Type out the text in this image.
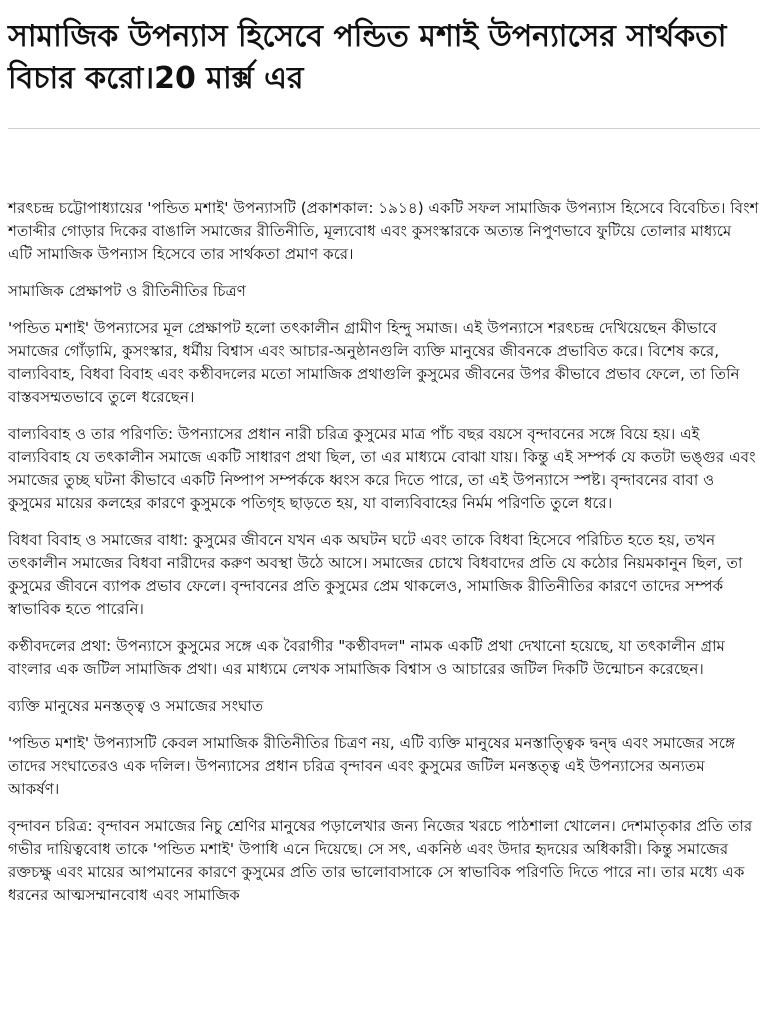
সামাজিক উপন্যাস হিসেবে পন্ডিত মশাই উপন্যাসের সার্থকতা বিচার করো।20 মার্ক্স এর

শরৎচন্দ্র চট্টোপাধ্যায়ের 'পন্ডিত মশাই' উপন্যাসটি (প্রকাশকাল: ১৯১৪) একটি সফল সামাজিক উপন্যাস হিসেবে বিবেচিত। বিংশ শতাব্দীর গোড়ার দিকের বাঙালি সমাজের রীতিনীতি, মূল্যবোধ এবং কুসংস্কারকে অত্যন্ত নিপুণভাবে ফুটিয়ে তোলার মাধ্যমে এটি সামাজিক উপন্যাস হিসেবে তার সার্থকতা প্রমাণ করে।

সামাজিক প্রেক্ষাপট ও রীতিনীতির চিত্রণ

'পন্ডিত মশাই' উপন্যাসের মূল প্রেক্ষাপট হলো তৎকালীন গ্রামীণ হিন্দু সমাজ। এই উপন্যাসে শরৎচন্দ্র দেখিয়েছেন কীভাবে সমাজের গোঁড়ামি, কুসংস্কার, ধর্মীয় বিশ্বাস এবং আচার-অনুষ্ঠানগুলি ব্যক্তি মানুষের জীবনকে প্রভাবিত করে। বিশেষ করে, বাল্যবিবাহ, বিধবা বিবাহ এবং কণ্ঠীবদলের মতো সামাজিক প্রথাগুলি কুসুমের জীবনের উপর কীভাবে প্রভাব ফেলে, তা তিনি বাস্তবসম্মতভাবে তুলে ধরেছেন।

বাল্যবিবাহ ও তার পরিণতি: উপন্যাসের প্রধান নারী চরিত্র কুসুমের মাত্র পাঁচ বছর বয়সে বৃন্দাবনের সঙ্গে বিয়ে হয়। এই বাল্যবিবাহ যে তৎকালীন সমাজে একটি সাধারণ প্রথা ছিল, তা এর মাধ্যমে বোঝা যায়। কিন্তু এই সম্পর্ক যে কতটা ভঙ্গুর এবং সমাজের তুচ্ছ ঘটনা কীভাবে একটি নিষ্পাপ সম্পর্ককে ধ্বংস করে দিতে পারে, তা এই উপন্যাসে স্পষ্ট। বৃন্দাবনের বাবা ও কুসুমের মায়ের কলহের কারণে কুসুমকে পতিগৃহ ছাড়তে হয়, যা বাল্যবিবাহের নির্মম পরিণতি তুলে ধরে।

বিধবা বিবাহ ও সমাজের বাধা: কুসুমের জীবনে যখন এক অঘটন ঘটে এবং তাকে বিধবা হিসেবে পরিচিত হতে হয়, তখন তৎকালীন সমাজের বিধবা নারীদের করুণ অবস্থা উঠে আসে। সমাজের চোখে বিধবাদের প্রতি যে কঠোর নিয়মকানুন ছিল, তা কুসুমের জীবনে ব্যাপক প্রভাব ফেলে। বৃন্দাবনের প্রতি কুসুমের প্রেম থাকলেও, সামাজিক রীতিনীতির কারণে তাদের সম্পর্ক স্বাভাবিক হতে পারেনি।

কণ্ঠীবদলের প্রথা: উপন্যাসে কুসুমের সঙ্গে এক বৈরাগীর "কণ্ঠীবদল" নামক একটি প্রথা দেখানো হয়েছে, যা তৎকালীন গ্রাম বাংলার এক জটিল সামাজিক প্রথা। এর মাধ্যমে লেখক সামাজিক বিশ্বাস ও আচারের জটিল দিকটি উন্মোচন করেছেন।

ব্যক্তি মানুষের মনস্তত্ত্ব ও সমাজের সংঘাত

'পন্ডিত মশাই' উপন্যাসটি কেবল সামাজিক রীতিনীতির চিত্রণ নয়, এটি ব্যক্তি মানুষের মনস্তাত্ত্বিক দ্বন্দ্ব এবং সমাজের সঙ্গে তাদের সংঘাতেরও এক দলিল। উপন্যাসের প্রধান চরিত্র বৃন্দাবন এবং কুসুমের জটিল মনস্তত্ত্ব এই উপন্যাসের অন্যতম আকর্ষণ।

বৃন্দাবন চরিত্র: বৃন্দাবন সমাজের নিচু শ্রেণির মানুষের পড়ালেখার জন্য নিজের খরচে পাঠশালা খোলেন। দেশমাতৃকার প্রতি তার গভীর দায়িত্ববোধ তাকে 'পন্ডিত মশাই' উপাধি এনে দিয়েছে। সে সৎ, একনিষ্ঠ এবং উদার হৃদয়ের অধিকারী। কিন্তু সমাজের রক্তচক্ষু এবং মায়ের আপমানের কারণে কুসুমের প্রতি তার ভালোবাসাকে সে স্বাভাবিক পরিণতি দিতে পারে না। তার মধ্যে এক ধরনের আত্মসম্মানবোধ এবং সামাজিক
